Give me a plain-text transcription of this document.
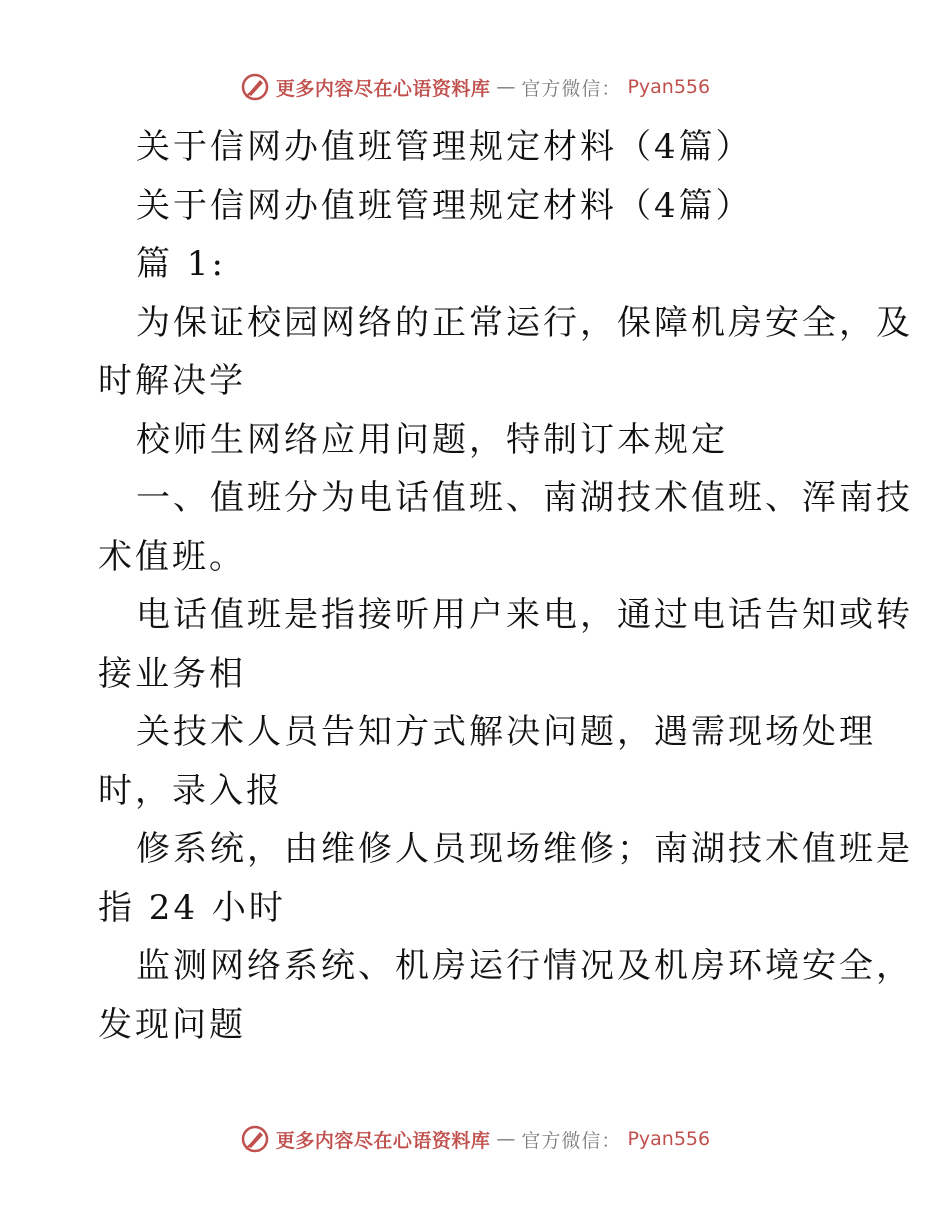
更多内容尽在心语资料库 — 官方微信： Pyan556
关于信网办值班管理规定材料（4篇）
关于信网办值班管理规定材料（4篇）
篇 1:
为保证校园网络的正常运行，保障机房安全，及
时解决学
校师生网络应用问题，特制订本规定
一、值班分为电话值班、南湖技术值班、浑南技
术值班。
电话值班是指接听用户来电，通过电话告知或转
接业务相
关技术人员告知方式解决问题，遇需现场处理
时，录入报
修系统，由维修人员现场维修；南湖技术值班是
指 24 小时
监测网络系统、机房运行情况及机房环境安全，
发现问题
更多内容尽在心语资料库 — 官方微信： Pyan556
